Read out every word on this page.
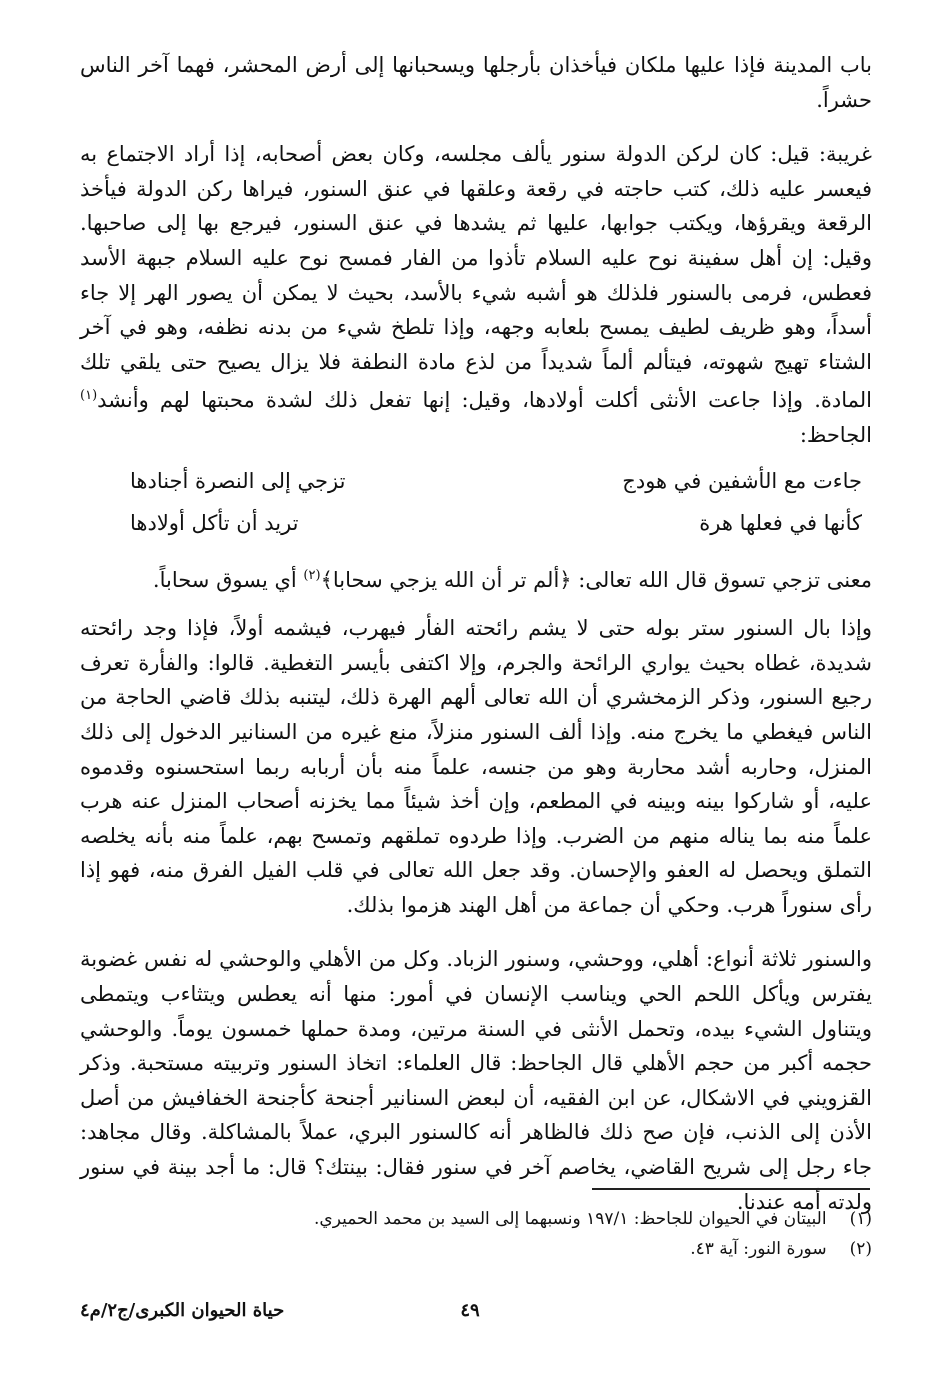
باب المدينة فإذا عليها ملكان فيأخذان بأرجلها ويسحبانها إلى أرض المحشر، فهما آخر الناس حشراً.

غريبة: قيل: كان لركن الدولة سنور يألف مجلسه، وكان بعض أصحابه، إذا أراد الاجتماع به فيعسر عليه ذلك، كتب حاجته في رقعة وعلقها في عنق السنور، فيراها ركن الدولة فيأخذ الرقعة ويقرؤها، ويكتب جوابها، عليها ثم يشدها في عنق السنور، فيرجع بها إلى صاحبها. وقيل: إن أهل سفينة نوح عليه السلام تأذوا من الفار فمسح نوح عليه السلام جبهة الأسد فعطس، فرمى بالسنور فلذلك هو أشبه شيء بالأسد، بحيث لا يمكن أن يصور الهر إلا جاء أسداً، وهو ظريف لطيف يمسح بلعابه وجهه، وإذا تلطخ شيء من بدنه نظفه، وهو في آخر الشتاء تهيج شهوته، فيتألم ألماً شديداً من لذع مادة النطفة فلا يزال يصيح حتى يلقي تلك المادة. وإذا جاعت الأنثى أكلت أولادها، وقيل: إنها تفعل ذلك لشدة محبتها لهم وأنشد$^{(١)}$ الجاحظ:

جاءت مع الأشفين في هودج
تزجي إلى النصرة أجنادها
كأنها في فعلها هرة
تريد أن تأكل أولادها

معنى تزجي تسوق قال الله تعالى: ﴿ألم تر أن الله يزجي سحابا﴾$^{(٢)}$ أي يسوق سحاباً.

وإذا بال السنور ستر بوله حتى لا يشم رائحته الفأر فيهرب، فيشمه أولاً، فإذا وجد رائحته شديدة، غطاه بحيث يواري الرائحة والجرم، وإلا اكتفى بأيسر التغطية. قالوا: والفأرة تعرف رجيع السنور، وذكر الزمخشري أن الله تعالى ألهم الهرة ذلك، ليتنبه بذلك قاضي الحاجة من الناس فيغطي ما يخرج منه. وإذا ألف السنور منزلاً، منع غيره من السنانير الدخول إلى ذلك المنزل، وحاربه أشد محاربة وهو من جنسه، علماً منه بأن أربابه ربما استحسنوه وقدموه عليه، أو شاركوا بينه وبينه في المطعم، وإن أخذ شيئاً مما يخزنه أصحاب المنزل عنه هرب علماً منه بما يناله منهم من الضرب. وإذا طردوه تملقهم وتمسح بهم، علماً منه بأنه يخلصه التملق ويحصل له العفو والإحسان. وقد جعل الله تعالى في قلب الفيل الفرق منه، فهو إذا رأى سنوراً هرب. وحكي أن جماعة من أهل الهند هزموا بذلك.

والسنور ثلاثة أنواع: أهلي، ووحشي، وسنور الزباد. وكل من الأهلي والوحشي له نفس غضوبة يفترس ويأكل اللحم الحي ويناسب الإنسان في أمور: منها أنه يعطس ويتثاءب ويتمطى ويتناول الشيء بيده، وتحمل الأنثى في السنة مرتين، ومدة حملها خمسون يوماً. والوحشي حجمه أكبر من حجم الأهلي قال الجاحظ: قال العلماء: اتخاذ السنور وتربيته مستحبة. وذكر القزويني في الاشكال، عن ابن الفقيه، أن لبعض السنانير أجنحة كأجنحة الخفافيش من أصل الأذن إلى الذنب، فإن صح ذلك فالظاهر أنه كالسنور البري، عملاً بالمشاكلة. وقال مجاهد: جاء رجل إلى شريح القاضي، يخاصم آخر في سنور فقال: بينتك؟ قال: ما أجد بينة في سنور ولدته أمه عندنا.

(١) البيتان في الحيوان للجاحظ: ١٩٧/١ ونسبهما إلى السيد بن محمد الحميري.
(٢) سورة النور: آية ٤٣.
٤٩
حياة الحيوان الكبرى/ج٢/م٤
